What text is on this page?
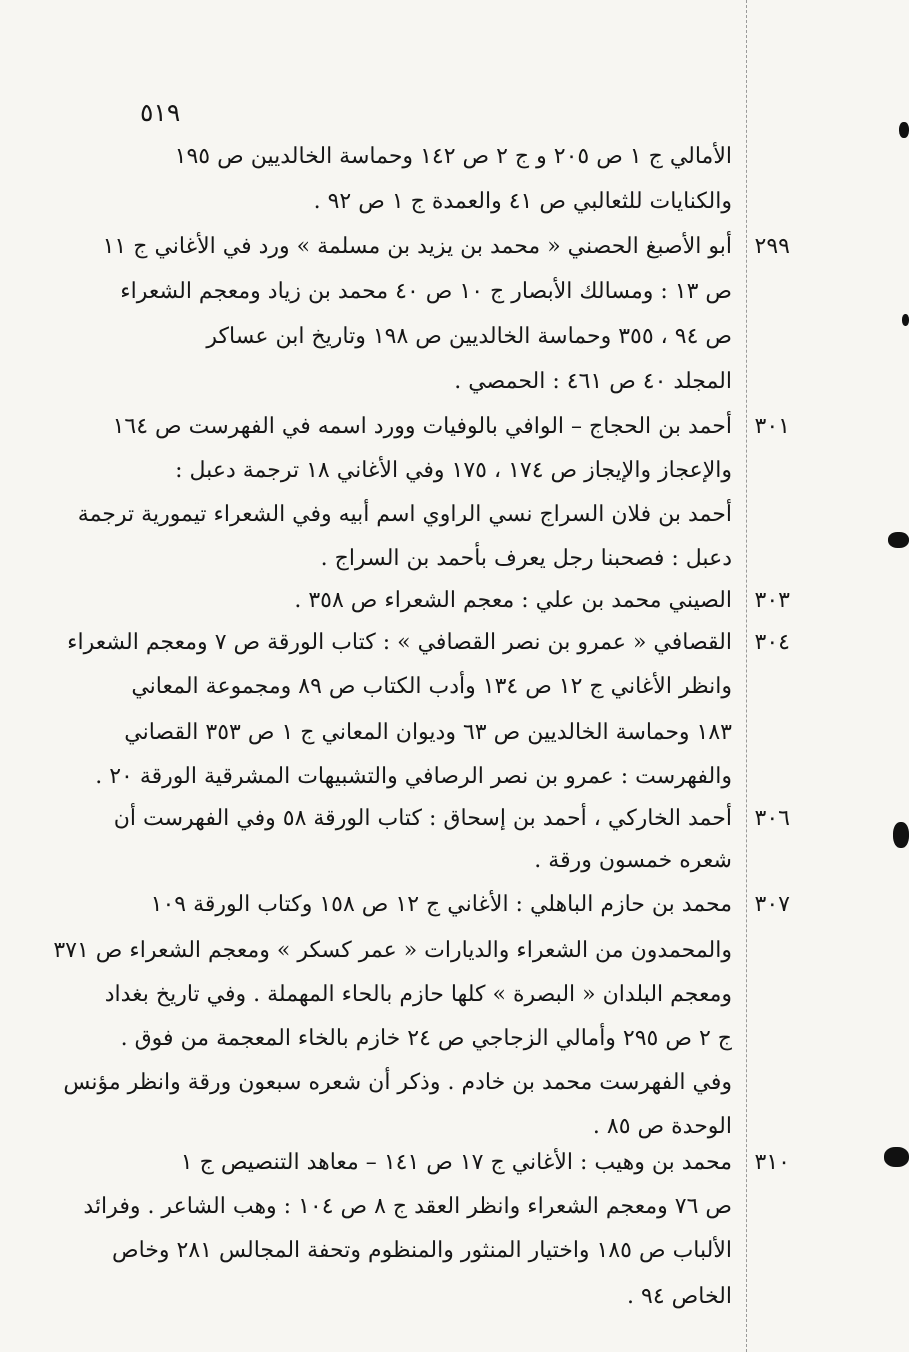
٥١٩
الأمالي ج ١ ص ٢٠٥ و ج ٢ ص ١٤٢ وحماسة الخالديين ص ١٩٥
والكنايات للثعالبي ص ٤١ والعمدة ج ١ ص ٩٢ .
٢٩٩أبو الأصبغ الحصني « محمد بن يزيد بن مسلمة » ورد في الأغاني ج ١١
ص ١٣ : ومسالك الأبصار ج ١٠ ص ٤٠ محمد بن زياد ومعجم الشعراء
ص ٩٤ ، ٣٥٥ وحماسة الخالديين ص ١٩٨ وتاريخ ابن عساكر
المجلد ٤٠ ص ٤٦١ : الحمصي .
٣٠١أحمد بن الحجاج – الوافي بالوفيات وورد اسمه في الفهرست ص ١٦٤
والإعجاز والإيجاز ص ١٧٤ ، ١٧٥ وفي الأغاني ١٨ ترجمة دعبل :
أحمد بن فلان السراج نسي الراوي اسم أبيه وفي الشعراء تيمورية ترجمة
دعبل : فصحبنا رجل يعرف بأحمد بن السراج .
٣٠٣الصيني محمد بن علي : معجم الشعراء ص ٣٥٨ .
٣٠٤القصافي « عمرو بن نصر القصافي » : كتاب الورقة ص ٧ ومعجم الشعراء
وانظر الأغاني ج ١٢ ص ١٣٤ وأدب الكتاب ص ٨٩ ومجموعة المعاني
١٨٣ وحماسة الخالديين ص ٦٣ وديوان المعاني ج ١ ص ٣٥٣ القصاني
والفهرست : عمرو بن نصر الرصافي والتشبيهات المشرقية الورقة ٢٠ .
٣٠٦أحمد الخاركي ، أحمد بن إسحاق : كتاب الورقة ٥٨ وفي الفهرست أن
شعره خمسون ورقة .
٣٠٧محمد بن حازم الباهلي : الأغاني ج ١٢ ص ١٥٨ وكتاب الورقة ١٠٩
والمحمدون من الشعراء والديارات « عمر كسكر » ومعجم الشعراء ص ٣٧١
ومعجم البلدان « البصرة » كلها حازم بالحاء المهملة . وفي تاريخ بغداد
ج ٢ ص ٢٩٥ وأمالي الزجاجي ص ٢٤ خازم بالخاء المعجمة من فوق .
وفي الفهرست محمد بن خادم . وذكر أن شعره سبعون ورقة وانظر مؤنس
الوحدة ص ٨٥ .
٣١٠محمد بن وهيب : الأغاني ج ١٧ ص ١٤١ – معاهد التنصيص ج ١
ص ٧٦ ومعجم الشعراء وانظر العقد ج ٨ ص ١٠٤ : وهب الشاعر . وفرائد
الألباب ص ١٨٥ واختيار المنثور والمنظوم وتحفة المجالس ٢٨١ وخاص
الخاص ٩٤ .
